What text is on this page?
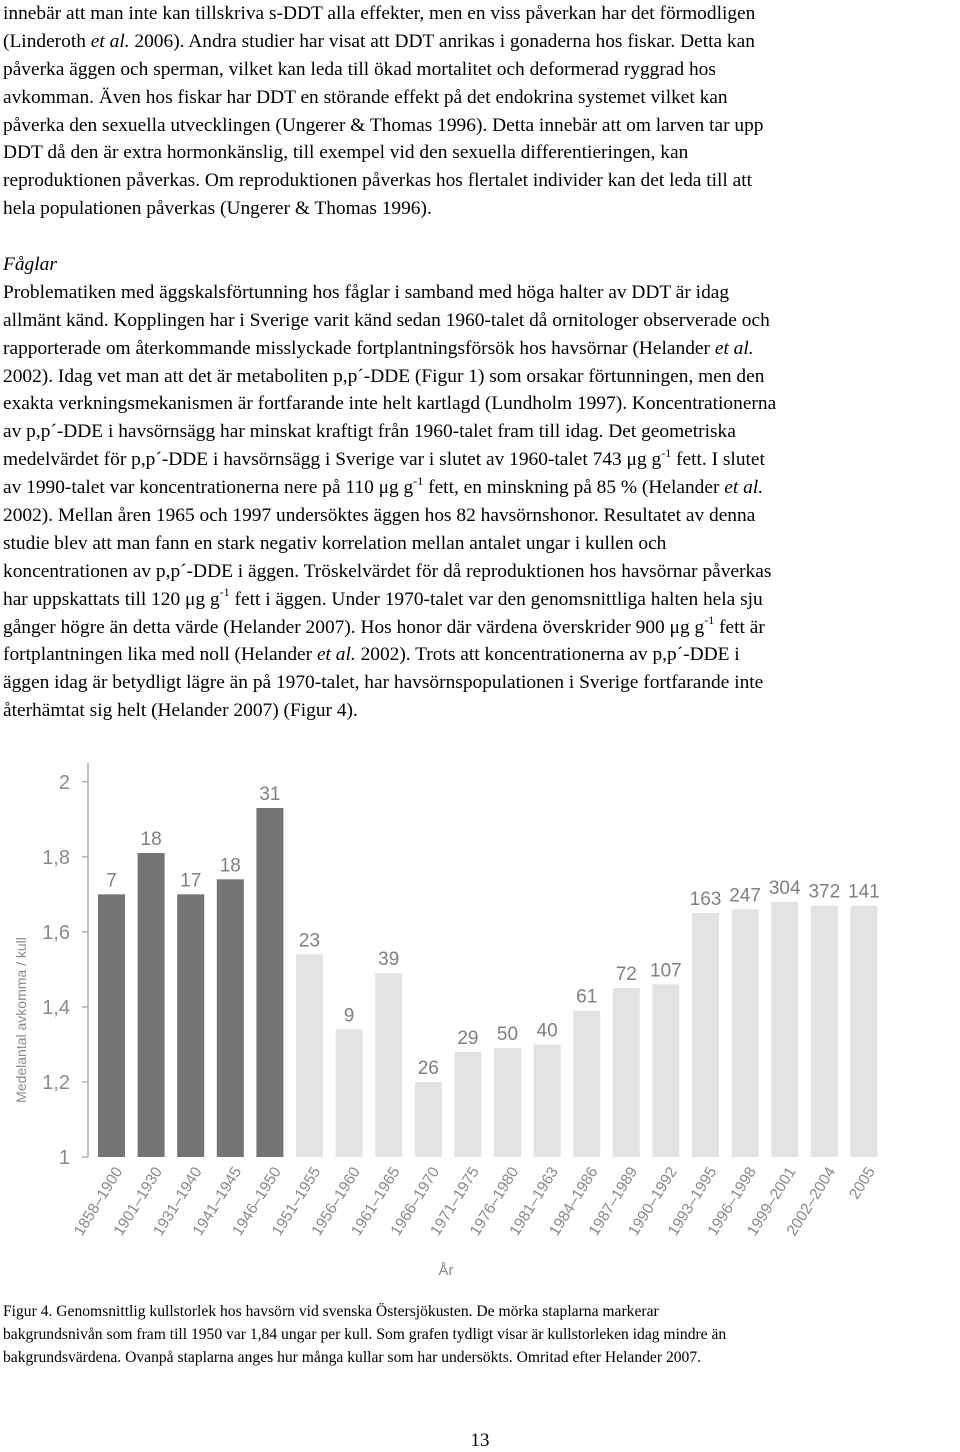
innebär att man inte kan tillskriva s-DDT alla effekter, men en viss påverkan har det förmodligen
(Linderoth et al. 2006). Andra studier har visat att DDT anrikas i gonaderna hos fiskar. Detta kan
påverka äggen och sperman, vilket kan leda till ökad mortalitet och deformerad ryggrad hos
avkomman. Även hos fiskar har DDT en störande effekt på det endokrina systemet vilket kan
påverka den sexuella utvecklingen (Ungerer & Thomas 1996). Detta innebär att om larven tar upp
DDT då den är extra hormonkänslig, till exempel vid den sexuella differentieringen, kan
reproduktionen påverkas. Om reproduktionen påverkas hos flertalet individer kan det leda till att
hela populationen påverkas (Ungerer & Thomas 1996).
Fåglar
Problematiken med äggskalsförtunning hos fåglar i samband med höga halter av DDT är idag
allmänt känd. Kopplingen har i Sverige varit känd sedan 1960-talet då ornitologer observerade och
rapporterade om återkommande misslyckade fortplantningsförsök hos havsörnar (Helander et al.
2002). Idag vet man att det är metaboliten p,p´-DDE (Figur 1) som orsakar förtunningen, men den
exakta verkningsmekanismen är fortfarande inte helt kartlagd (Lundholm 1997). Koncentrationerna
av p,p´-DDE i havsörnsägg har minskat kraftigt från 1960-talet fram till idag. Det geometriska
medelvärdet för p,p´-DDE i havsörnsägg i Sverige var i slutet av 1960-talet 743 μg $g^{-1}$ fett. I slutet
av 1990-talet var koncentrationerna nere på 110 μg $g^{-1}$ fett, en minskning på 85 % (Helander et al.
2002). Mellan åren 1965 och 1997 undersöktes äggen hos 82 havsörnshonor. Resultatet av denna
studie blev att man fann en stark negativ korrelation mellan antalet ungar i kullen och
koncentrationen av p,p´-DDE i äggen. Tröskelvärdet för då reproduktionen hos havsörnar påverkas
har uppskattats till 120 μg $g^{-1}$ fett i äggen. Under 1970-talet var den genomsnittliga halten hela sju
gånger högre än detta värde (Helander 2007). Hos honor där värdena överskrider 900 μg $g^{-1}$ fett är
fortplantningen lika med noll (Helander et al. 2002). Trots att koncentrationerna av p,p´-DDE i
äggen idag är betydligt lägre än på 1970-talet, har havsörnspopulationen i Sverige fortfarande inte
återhämtat sig helt (Helander 2007) (Figur 4).
1
1,2
1,4
1,6
1,8
2
7
18
17
18
31
23
9
39
26
29 50 40
61
72 107
163 247 304 372 141
1858–1900
1901–1930
1931–1940
1941–1945
1946–1950
1951–1955
1956–1960
1961–1965
1966–1970
1971–1975
1976–1980
1981–1963
1984–1986
1987–1989
1990–1992
1993–1995
1996–1998
1999–2001
2002–2004 2005
Medelantal avkomma / kull
År
Figur 4. Genomsnittlig kullstorlek hos havsörn vid svenska Östersjökusten. De mörka staplarna markerar
bakgrundsnivån som fram till 1950 var 1,84 ungar per kull. Som grafen tydligt visar är kullstorleken idag mindre än
bakgrundsvärdena. Ovanpå staplarna anges hur många kullar som har undersökts. Omritad efter Helander 2007.
13
